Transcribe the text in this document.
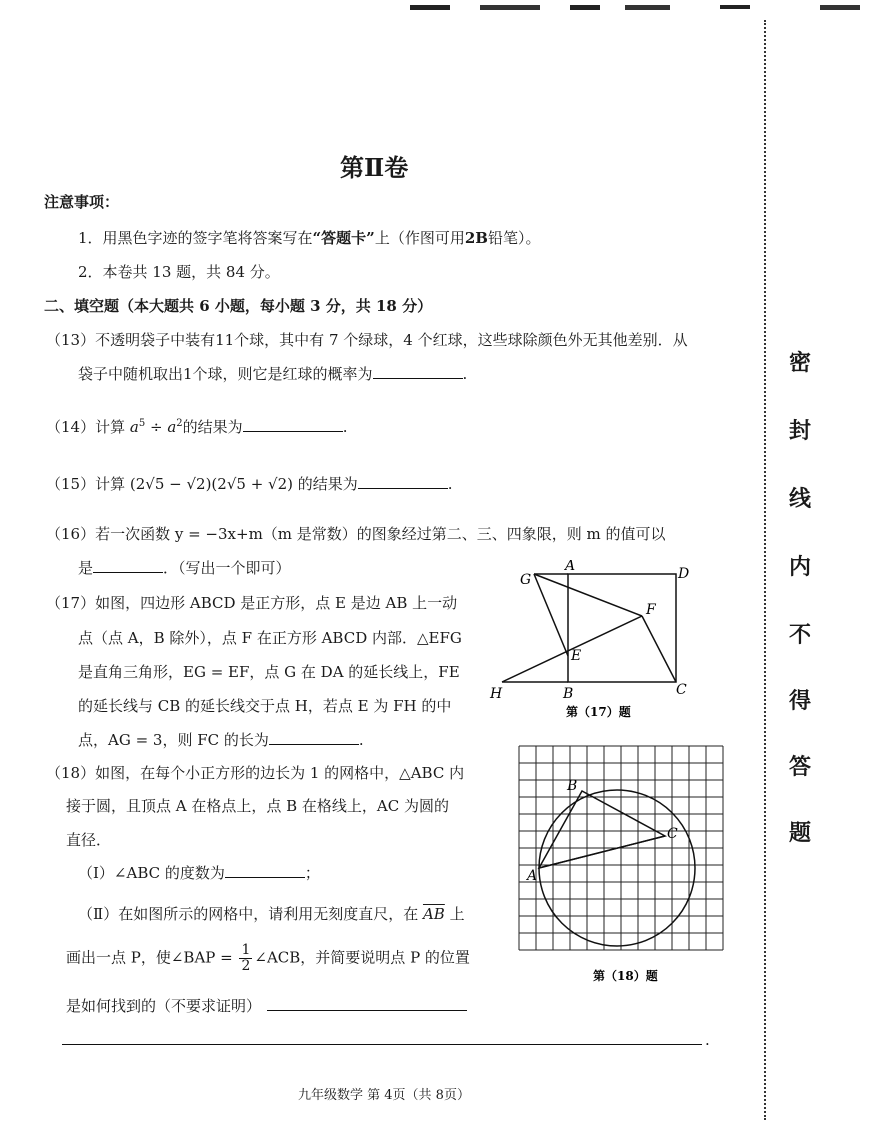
密
封
线
内
不
得
答
题
第Ⅱ卷
注意事项：
1．用黑色字迹的签字笔将答案写在“答题卡”上（作图可用2B铅笔）。
2．本卷共 13 题，共 84 分。
二、填空题（本大题共 6 小题，每小题 3 分，共 18 分）
（13）不透明袋子中装有11个球，其中有 7 个绿球，4 个红球，这些球除颜色外无其他差别．从
袋子中随机取出1个球，则它是红球的概率为	.
（14）计算 $a^5 \div a^2$的结果为	.
（15）计算 (2√5 − √2)(2√5 + √2) 的结果为	.
（16）若一次函数 y = −3x+m（m 是常数）的图象经过第二、三、四象限，则 m 的值可以
是	．（写出一个即可）
（17）如图，四边形 ABCD 是正方形，点 E 是边 AB 上一动
点（点 A，B 除外），点 F 在正方形 ABCD 内部．△EFG
是直角三角形，EG = EF，点 G 在 DA 的延长线上，FE
的延长线与 CB 的延长线交于点 H，若点 E 为 FH 的中
点，AG = 3，则 FC 的长为	.
G
A	D
F
E
H	B	C
第（17）题
（18）如图，在每个小正方形的边长为 1 的网格中，△ABC 内
接于圆，且顶点 A 在格点上，点 B 在格线上，AC 为圆的
直径．
（Ⅰ）∠ABC 的度数为	；
（Ⅱ）在如图所示的网格中，请利用无刻度直尺，在 $\overline{AB}$ 上
画出一点 P，使∠BAP = $\frac{1}{2}$ ∠ACB，并简要说明点 P 的位置
是如何找到的（不要求证明）
.
A
B
C
第（18）题
九年级数学 第 4页（共 8页）
